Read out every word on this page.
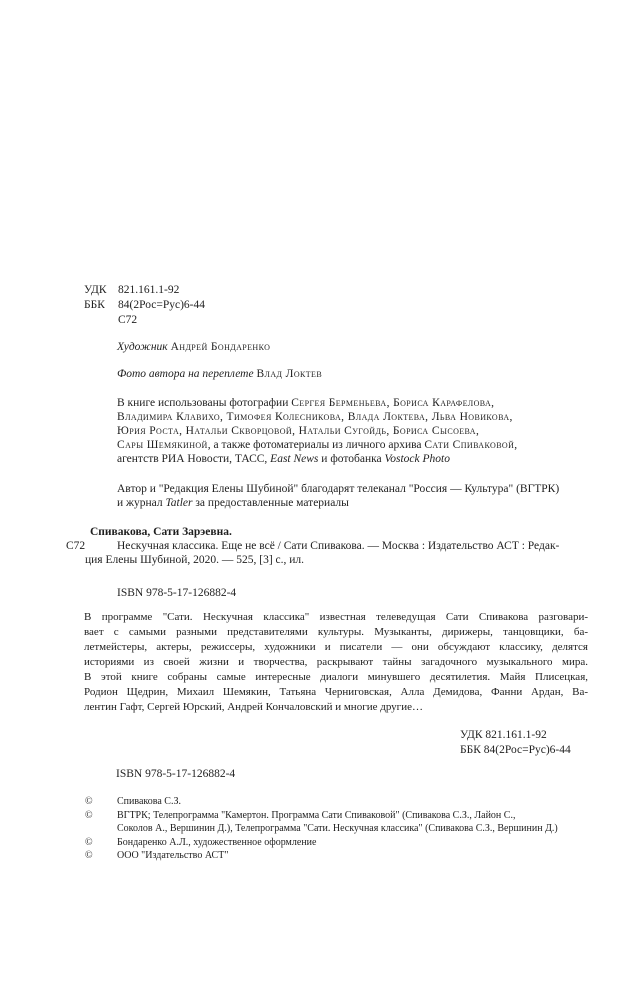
УДК	821.161.1-92
ББК	84(2Рос=Рус)6-44
С72
Художник Андрей Бондаренко
Фото автора на переплете Влад Локтев
В книге использованы фотографии Сергея Берменьева, Бориса Карафелова,
Владимира Клавихо, Тимофея Колесникова, Влада Локтева, Льва Новикова,
Юрия Роста, Натальи Скворцовой, Натальи Сугойдь, Бориса Сысоева,
Сары Шемякиной, а также фотоматериалы из личного архива Сати Спиваковой,
агентств РИА Новости, ТАСС, East News и фотобанка Vostock Photo
Автор и "Редакция Елены Шубиной" благодарят телеканал "Россия — Культура" (ВГТРК)
и журнал Tatler за предоставленные материалы
Спивакова, Сати Зарэевна.
С72	Нескучная классика. Еще не всё / Сати Спивакова. — Москва : Издательство АСТ : Редак-
ция Елены Шубиной, 2020. — 525, [3] с., ил.
ISBN 978-5-17-126882-4
В программе "Сати. Нескучная классика" известная телеведущая Сати Спивакова разговари-
вает с самыми разными представителями культуры. Музыканты, дирижеры, танцовщики, ба-
летмейстеры, актеры, режиссеры, художники и писатели — они обсуждают классику, делятся
историями из своей жизни и творчества, раскрывают тайны загадочного музыкального мира.
В этой книге собраны самые интересные диалоги минувшего десятилетия. Майя Плисецкая,
Родион Щедрин, Михаил Шемякин, Татьяна Черниговская, Алла Демидова, Фанни Ардан, Ва-
лентин Гафт, Сергей Юрский, Андрей Кончаловский и многие другие…
УДК 821.161.1-92
ББК 84(2Рос=Рус)6-44
ISBN 978-5-17-126882-4
©	Спивакова С.З.
©	ВГТРК; Телепрограмма "Камертон. Программа Сати Спиваковой" (Спивакова С.З., Лайон С.,
Соколов А., Вершинин Д.), Телепрограмма "Сати. Нескучная классика" (Спивакова С.З., Вершинин Д.)
©	Бондаренко А.Л., художественное оформление
©	ООО "Издательство АСТ"
